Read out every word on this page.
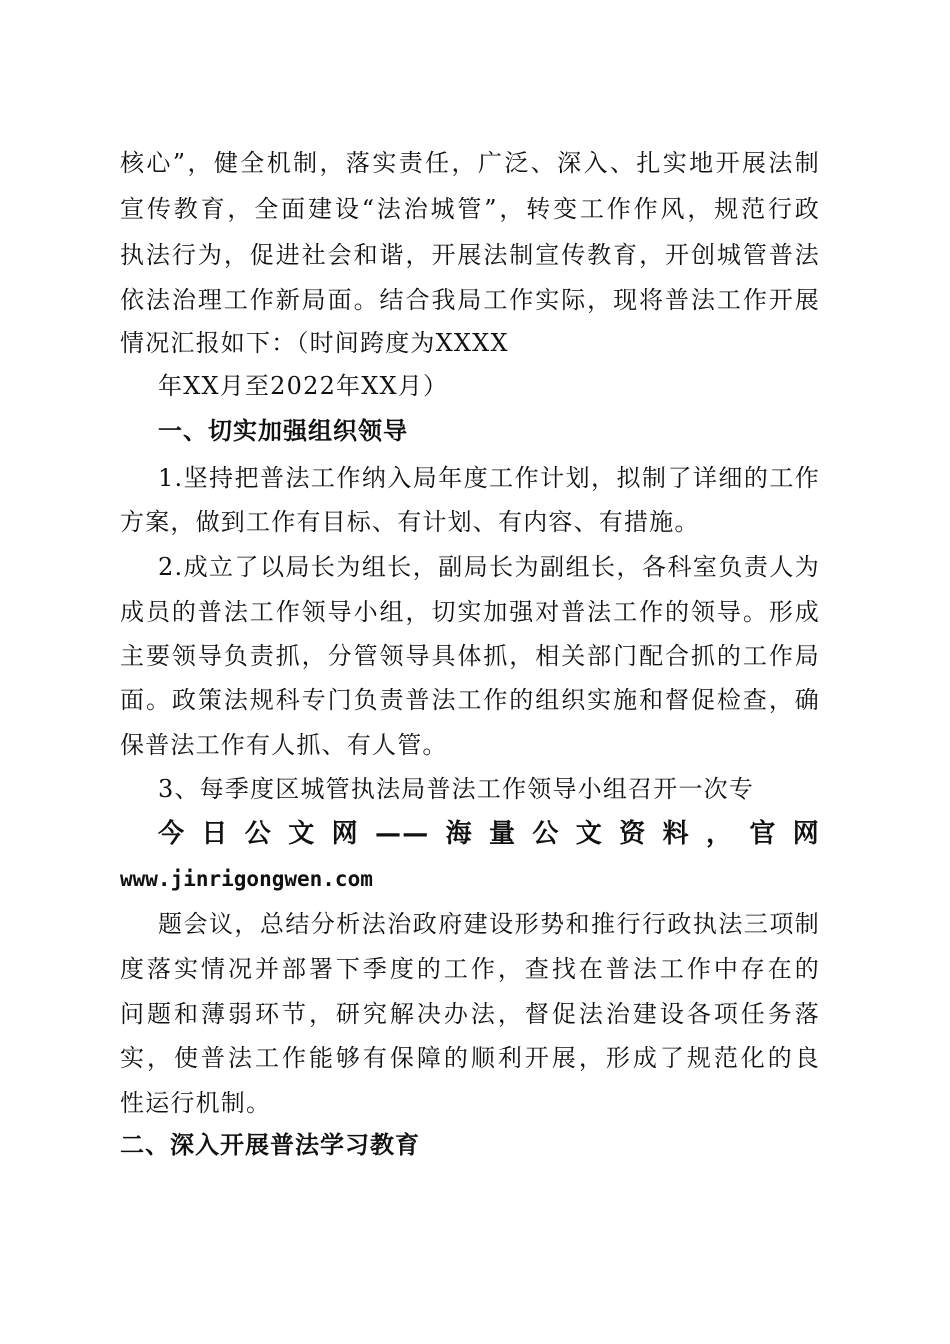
核心”，健全机制，落实责任，广泛、深入、扎实地开展法制
宣传教育，全面建设“法治城管”，转变工作作风，规范行政
执法行为，促进社会和谐，开展法制宣传教育，开创城管普法
依法治理工作新局面。结合我局工作实际，现将普法工作开展
情况汇报如下：（时间跨度为XXXX
年XX月至2022年XX月）
一、切实加强组织领导
1.坚持把普法工作纳入局年度工作计划，拟制了详细的工作
方案，做到工作有目标、有计划、有内容、有措施。
2.成立了以局长为组长，副局长为副组长，各科室负责人为
成员的普法工作领导小组，切实加强对普法工作的领导。形成
主要领导负责抓，分管领导具体抓，相关部门配合抓的工作局
面。政策法规科专门负责普法工作的组织实施和督促检查，确
保普法工作有人抓、有人管。
3、每季度区城管执法局普法工作领导小组召开一次专
今日公文网——海量公文资料，官网
www.jinrigongwen.com
题会议，总结分析法治政府建设形势和推行行政执法三项制
度落实情况并部署下季度的工作，查找在普法工作中存在的
问题和薄弱环节，研究解决办法，督促法治建设各项任务落
实，使普法工作能够有保障的顺利开展，形成了规范化的良
性运行机制。
二、深入开展普法学习教育
